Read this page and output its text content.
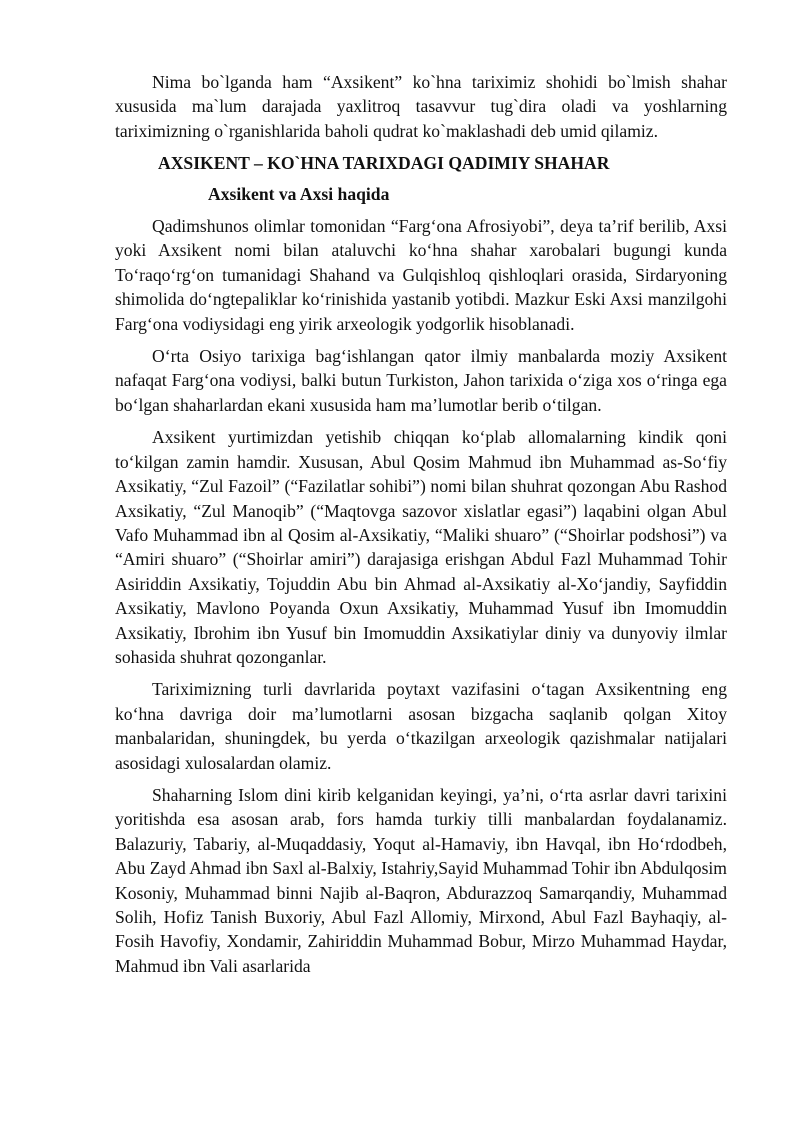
Nima bo`lganda ham “Axsikent” ko`hna tariximiz shohidi bo`lmish shahar xususida ma`lum darajada yaxlitroq tasavvur tug`dira oladi va yoshlarning tariximizning o`rganishlarida baholi qudrat ko`maklashadi deb umid qilamiz.

AXSIKENT – KO`HNA TARIXDAGI QADIMIY SHAHAR
Axsikent va Axsi haqida

Qadimshunos olimlar tomonidan “Farg‘ona Afrosiyobi”, deya ta’rif berilib, Axsi yoki Axsikent nomi bilan ataluvchi ko‘hna shahar xarobalari bugungi kunda To‘raqo‘rg‘on tumanidagi Shahand va Gulqishloq qishloqlari orasida, Sirdaryoning shimolida do‘ngtepaliklar ko‘rinishida yastanib yotibdi. Mazkur Eski Axsi manzilgohi Farg‘ona vodiysidagi eng yirik arxeologik yodgorlik hisoblanadi.

O‘rta Osiyo tarixiga bag‘ishlangan qator ilmiy manbalarda moziy Axsikent nafaqat Farg‘ona vodiysi, balki butun Turkiston, Jahon tarixida o‘ziga xos o‘ringa ega bo‘lgan shaharlardan ekani xususida ham ma’lumotlar berib o‘tilgan.

Axsikent yurtimizdan yetishib chiqqan ko‘plab allomalarning kindik qoni to‘kilgan zamin hamdir. Xususan, Abul Qosim Mahmud ibn Muhammad as-So‘fiy Axsikatiy, “Zul Fazoil” (“Fazilatlar sohibi”) nomi bilan shuhrat qozongan Abu Rashod Axsikatiy, “Zul Manoqib” (“Maqtovga sazovor xislatlar egasi”) laqabini olgan Abul Vafo Muhammad ibn al Qosim al-Axsikatiy, “Maliki shuaro” (“Shoirlar podshosi”) va “Amiri shuaro” (“Shoirlar amiri”) darajasiga erishgan Abdul Fazl Muhammad Tohir Asiriddin Axsikatiy, Tojuddin Abu bin Ahmad al-Axsikatiy al-Xo‘jandiy, Sayfiddin Axsikatiy, Mavlono Poyanda Oxun Axsikatiy, Muhammad Yusuf ibn Imomuddin Axsikatiy, Ibrohim ibn Yusuf bin Imomuddin Axsikatiylar diniy va dunyoviy ilmlar sohasida shuhrat qozonganlar.

Tariximizning turli davrlarida poytaxt vazifasini o‘tagan Axsikentning eng ko‘hna davriga doir ma’lumotlarni asosan bizgacha saqlanib qolgan Xitoy manbalaridan, shuningdek, bu yerda o‘tkazilgan arxeologik qazishmalar natijalari asosidagi xulosalardan olamiz.

Shaharning Islom dini kirib kelganidan keyingi, ya’ni, o‘rta asrlar davri tarixini yoritishda esa asosan arab, fors hamda turkiy tilli manbalardan foydalanamiz. Balazuriy, Tabariy, al-Muqaddasiy, Yoqut al-Hamaviy, ibn Havqal, ibn Ho‘rdodbeh, Abu Zayd Ahmad ibn Saxl al-Balxiy, Istahriy,Sayid Muhammad Tohir ibn Abdulqosim Kosoniy, Muhammad binni Najib al-Baqron, Abdurazzoq Samarqandiy, Muhammad Solih, Hofiz Tanish Buxoriy, Abul Fazl Allomiy, Mirxond, Abul Fazl Bayhaqiy, al-Fosih Havofiy, Xondamir, Zahiriddin Muhammad Bobur, Mirzo Muhammad Haydar, Mahmud ibn Vali asarlarida
